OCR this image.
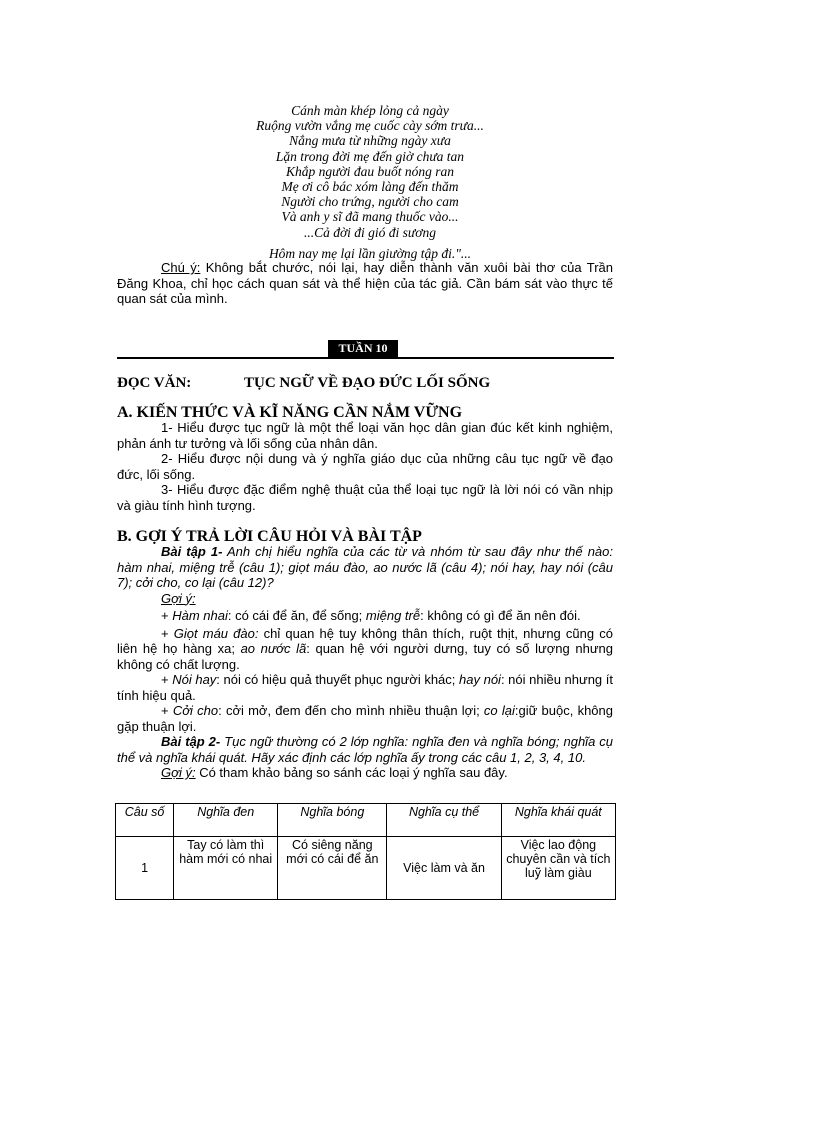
Cánh màn khép lỏng cả ngày
Ruộng vườn vắng mẹ cuốc cày sớm trưa...
Nắng mưa từ những ngày xưa
Lặn trong đời mẹ đến giờ chưa tan
Khắp người đau buốt nóng ran
Mẹ ơi cô bác xóm làng đến thăm
Người cho trứng, người cho cam
Và anh y sĩ đã mang thuốc vào...
...Cả đời đi gió đi sương
Hôm nay mẹ lại lần giường tập đi."...
Chú ý: Không bắt chước, nói lại, hay diễn thành văn xuôi bài thơ của Trần Đăng Khoa, chỉ học cách quan sát và thể hiện của tác giả. Cần bám sát vào thực tế quan sát của mình.
TUẦN 10
ĐỌC VĂN:	TỤC NGỮ VỀ ĐẠO ĐỨC LỐI SỐNG
A. KIẾN THỨC VÀ KĨ NĂNG CẦN NẮM VỮNG
1- Hiểu được tục ngữ là một thể loại văn học dân gian đúc kết kinh nghiệm, phản ánh tư tưởng và lối sống của nhân dân.
2- Hiểu được nội dung và ý nghĩa giáo dục của những câu tục ngữ về đạo đức, lối sống.
3- Hiểu được đặc điểm nghệ thuật của thể loại tục ngữ là lời nói có vần nhịp và giàu tính hình tượng.
B. GỢI Ý TRẢ LỜI CÂU HỎI VÀ BÀI TẬP
Bài tập 1- Anh chị hiểu nghĩa của các từ và nhóm từ sau đây như thế nào: hàm nhai, miệng trễ (câu 1); giọt máu đào, ao nước lã (câu 4); nói hay, hay nói (câu 7); cởi cho, co lại (câu 12)?
Gợi ý:
+ Hàm nhai: có cái để ăn, để sống; miệng trễ: không có gì để ăn nên đói.
+ Giọt máu đào: chỉ quan hệ tuy không thân thích, ruột thịt, nhưng cũng có liên hệ họ hàng xa; ao nước lã: quan hệ với người dưng, tuy có số lượng nhưng không có chất lượng.
+ Nói hay: nói có hiệu quả thuyết phục người khác; hay nói: nói nhiều nhưng ít tính hiệu quả.
+ Cởi cho: cởi mở, đem đến cho mình nhiều thuận lợi; co lại:giữ buộc, không gặp thuận lợi.
Bài tập 2- Tục ngữ thường có 2 lớp nghĩa: nghĩa đen và nghĩa bóng; nghĩa cụ thể và nghĩa khái quát. Hãy xác định các lớp nghĩa ấy trong các câu 1, 2, 3, 4, 10.
Gợi ý: Có tham khảo bảng so sánh các loại ý nghĩa sau đây.
Câu số	Nghĩa đen	Nghĩa bóng	Nghĩa cụ thể	Nghĩa khái quát
1	Tay có làm thì hàm mới có nhai	Có siêng năng mới có cái để ăn	Việc làm và ăn	Việc lao động chuyên cần và tích luỹ làm giàu
